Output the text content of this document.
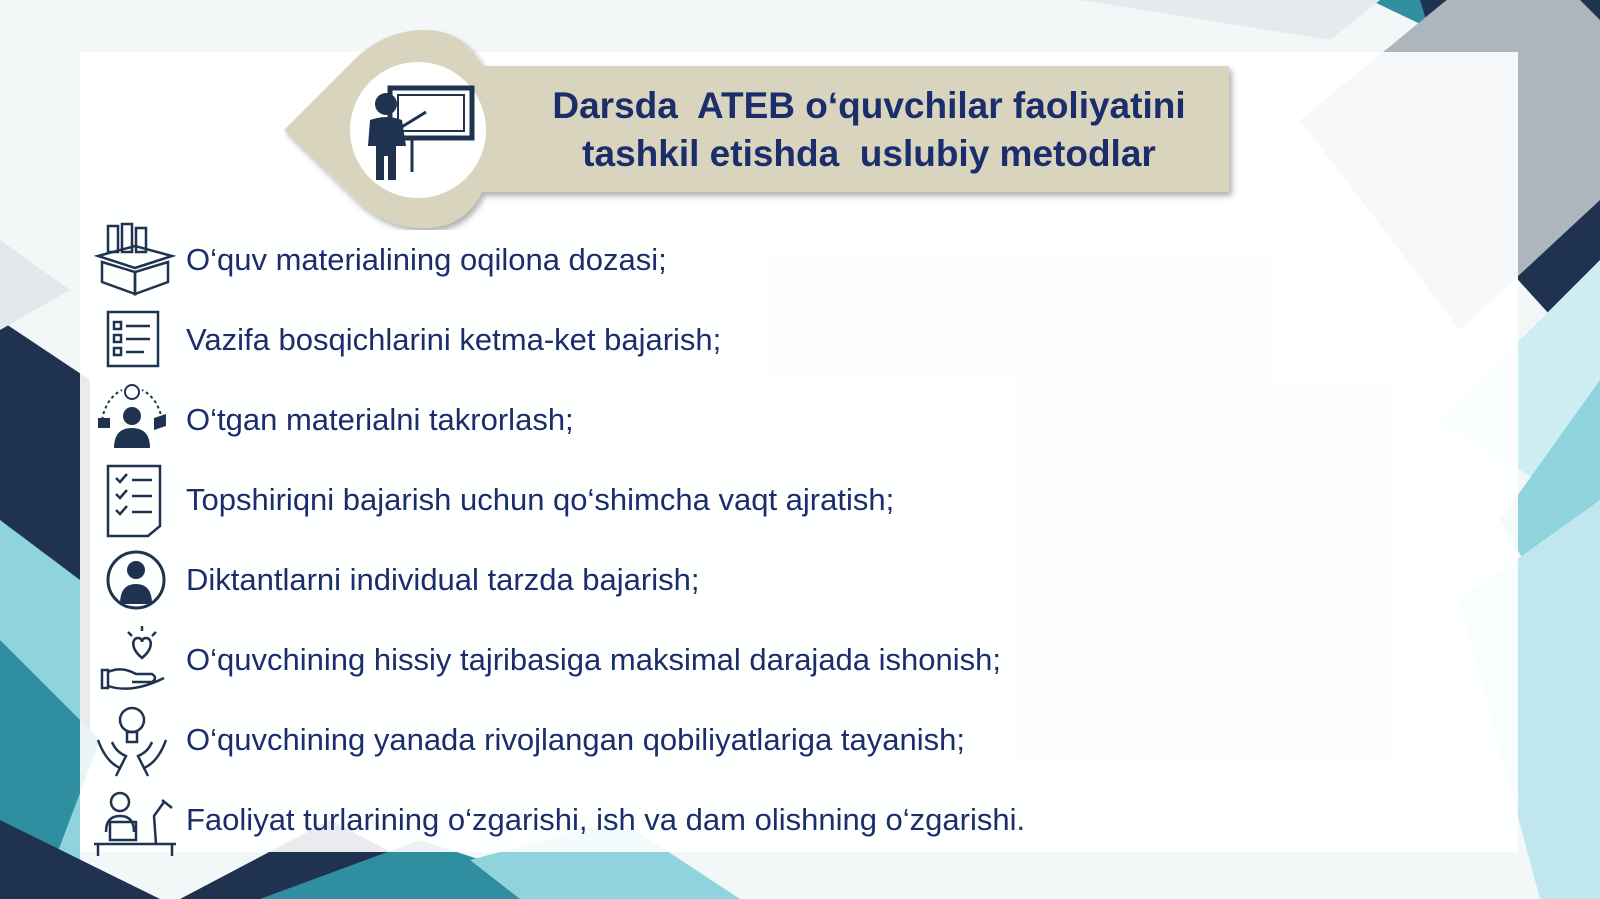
Darsda  ATEB o‘quvchilar faoliyatini
tashkil etishda  uslubiy metodlar
O‘quv materialining oqilona dozasi;
Vazifa bosqichlarini ketma-ket bajarish;
O‘tgan materialni takrorlash;
Topshiriqni bajarish uchun qo‘shimcha vaqt ajratish;
Diktantlarni individual tarzda bajarish;
O‘quvchining hissiy tajribasiga maksimal darajada ishonish;
O‘quvchining yanada rivojlangan qobiliyatlariga tayanish;
Faoliyat turlarining o‘zgarishi, ish va dam olishning o‘zgarishi.
